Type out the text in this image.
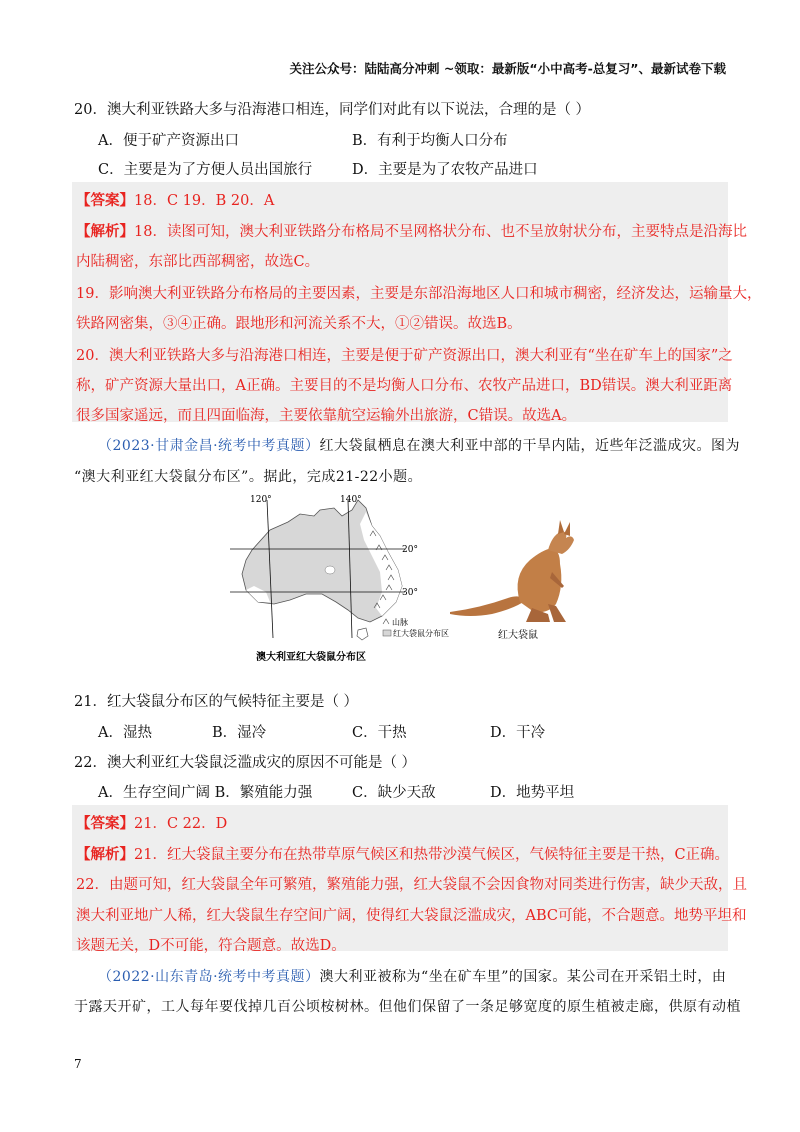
关注公众号：陆陆高分冲刺 ~领取：最新版“小中高考-总复习”、最新试卷下载
20．澳大利亚铁路大多与沿海港口相连，同学们对此有以下说法，合理的是（ ）
A．便于矿产资源出口	B．有利于均衡人口分布
C．主要是为了方便人员出国旅行	D．主要是为了农牧产品进口
【答案】18．C 19．B 20．A
【解析】18．读图可知，澳大利亚铁路分布格局不呈网格状分布、也不呈放射状分布，主要特点是沿海比
内陆稠密，东部比西部稠密，故选C。
19．影响澳大利亚铁路分布格局的主要因素，主要是东部沿海地区人口和城市稠密，经济发达，运输量大，
铁路网密集，③④正确。跟地形和河流关系不大，①②错误。故选B。
20．澳大利亚铁路大多与沿海港口相连，主要是便于矿产资源出口，澳大利亚有“坐在矿车上的国家”之
称，矿产资源大量出口，A正确。主要目的不是均衡人口分布、农牧产品进口，BD错误。澳大利亚距离
很多国家遥远，而且四面临海，主要依靠航空运输外出旅游，C错误。故选A。
（2023·甘肃金昌·统考中考真题）红大袋鼠栖息在澳大利亚中部的干旱内陆，近些年泛滥成灾。图为
“澳大利亚红大袋鼠分布区”。据此，完成21-22小题。
120°	140°
20°
30°
山脉
红大袋鼠分布区
澳大利亚红大袋鼠分布区
红大袋鼠
21．红大袋鼠分布区的气候特征主要是（ ）
A．湿热	B．湿冷	C．干热	D．干冷
22．澳大利亚红大袋鼠泛滥成灾的原因不可能是（ ）
A．生存空间广阔 B．繁殖能力强	C．缺少天敌	D．地势平坦
【答案】21．C 22．D
【解析】21．红大袋鼠主要分布在热带草原气候区和热带沙漠气候区，气候特征主要是干热，C正确。
22．由题可知，红大袋鼠全年可繁殖，繁殖能力强，红大袋鼠不会因食物对同类进行伤害，缺少天敌，且
澳大利亚地广人稀，红大袋鼠生存空间广阔，使得红大袋鼠泛滥成灾，ABC可能，不合题意。地势平坦和
该题无关，D不可能，符合题意。故选D。
（2022·山东青岛·统考中考真题）澳大利亚被称为“坐在矿车里”的国家。某公司在开采铝土时，由
于露天开矿，工人每年要伐掉几百公顷桉树林。但他们保留了一条足够宽度的原生植被走廊，供原有动植
7
